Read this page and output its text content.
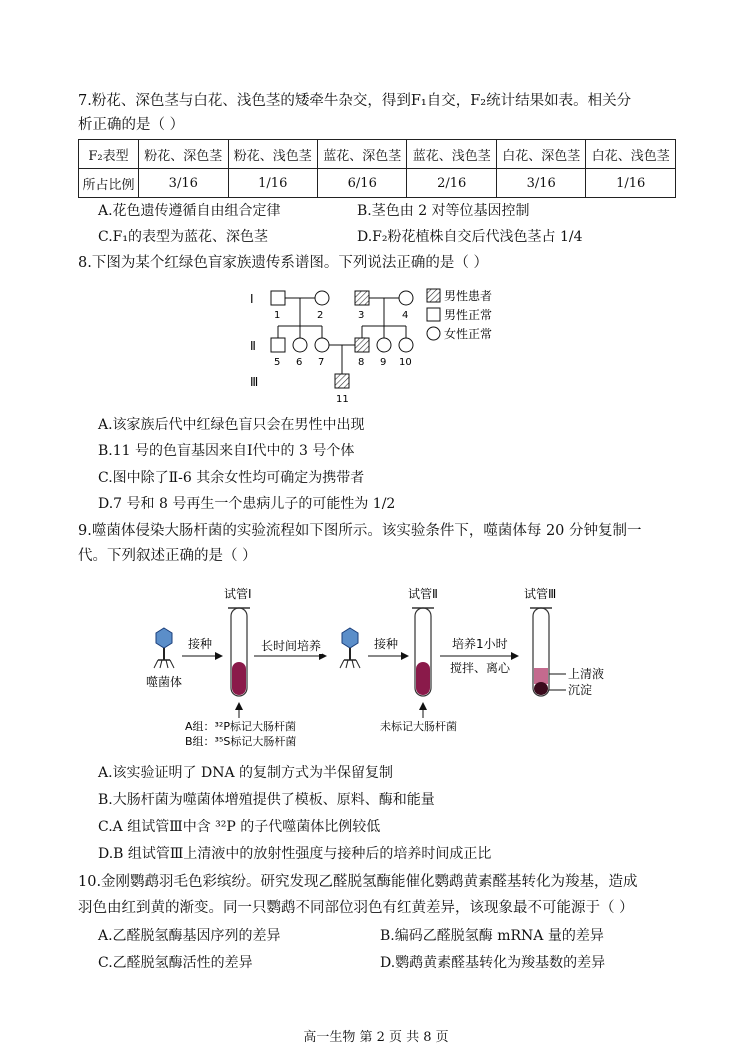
7.粉花、深色茎与白花、浅色茎的矮牵牛杂交，得到F₁自交，F₂统计结果如表。相关分
析正确的是（ ）
F₂表型	粉花、深色茎	粉花、浅色茎	蓝花、深色茎	蓝花、浅色茎	白花、深色茎	白花、浅色茎
所占比例	3/16	1/16	6/16	2/16	3/16	1/16
A.花色遗传遵循自由组合定律	B.茎色由 2 对等位基因控制
C.F₁的表型为蓝花、深色茎	D.F₂粉花植株自交后代浅色茎占 1/4
8.下图为某个红绿色盲家族遗传系谱图。下列说法正确的是（ ）
Ⅰ
Ⅱ
Ⅲ
1	2	3	4
5 6 7	8 9 10
11
男性患者
男性正常
女性正常
A.该家族后代中红绿色盲只会在男性中出现
B.11 号的色盲基因来自Ⅰ代中的 3 号个体
C.图中除了Ⅱ-6 其余女性均可确定为携带者
D.7 号和 8 号再生一个患病儿子的可能性为 1/2
9.噬菌体侵染大肠杆菌的实验流程如下图所示。该实验条件下，噬菌体每 20 分钟复制一
代。下列叙述正确的是（ ）
噬菌体
接种
试管Ⅰ
A组：³²P标记大肠杆菌
B组：³⁵S标记大肠杆菌
长时间培养	接种
试管Ⅱ
未标记大肠杆菌
培养1小时
搅拌、离心
试管Ⅲ
上清液
沉淀
A.该实验证明了 DNA 的复制方式为半保留复制
B.大肠杆菌为噬菌体增殖提供了模板、原料、酶和能量
C.A 组试管Ⅲ中含 ³²P 的子代噬菌体比例较低
D.B 组试管Ⅲ上清液中的放射性强度与接种后的培养时间成正比
10.金刚鹦鹉羽毛色彩缤纷。研究发现乙醛脱氢酶能催化鹦鹉黄素醛基转化为羧基，造成
羽色由红到黄的渐变。同一只鹦鹉不同部位羽色有红黄差异，该现象最不可能源于（ ）
A.乙醛脱氢酶基因序列的差异	B.编码乙醛脱氢酶 mRNA 量的差异
C.乙醛脱氢酶活性的差异	D.鹦鹉黄素醛基转化为羧基数的差异
高一生物 第 2 页 共 8 页
